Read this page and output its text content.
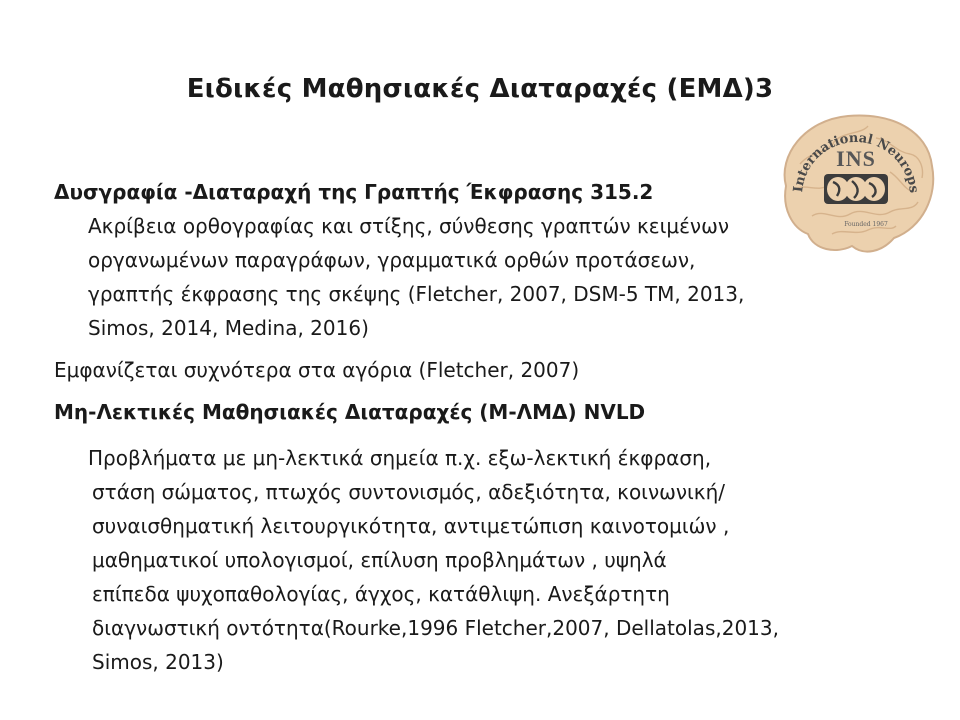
Ειδικές Μαθησιακές Διαταραχές (ΕΜΔ)3

Δυσγραφία -Διαταραχή της Γραπτής Έκφρασης 315.2

Ακρίβεια ορθογραφίας και στίξης, σύνθεσης γραπτών κειμένων

οργανωμένων παραγράφων, γραμματικά ορθών προτάσεων,

γραπτής έκφρασης της σκέψης (Fletcher, 2007, DSM-5 TM, 2013,

Simos, 2014, Medina, 2016)

Εμφανίζεται συχνότερα στα αγόρια (Fletcher, 2007)

Μη-Λεκτικές Μαθησιακές Διαταραχές (Μ-ΛΜΔ) NVLD

Προβλήματα με μη-λεκτικά σημεία π.χ. εξω-λεκτική έκφραση,

στάση σώματος, πτωχός συντονισμός, αδεξιότητα, κοινωνική/

συναισθηματική λειτουργικότητα, αντιμετώπιση καινοτομιών ,

μαθηματικοί υπολογισμοί, επίλυση προβλημάτων , υψηλά

επίπεδα ψυχοπαθολογίας, άγχος, κατάθλιψη. Ανεξάρτητη

διαγνωστική οντότητα(Rourke,1996 Fletcher,2007, Dellatolas,2013,

Simos, 2013)

International Neurops
INS
Founded 1967
